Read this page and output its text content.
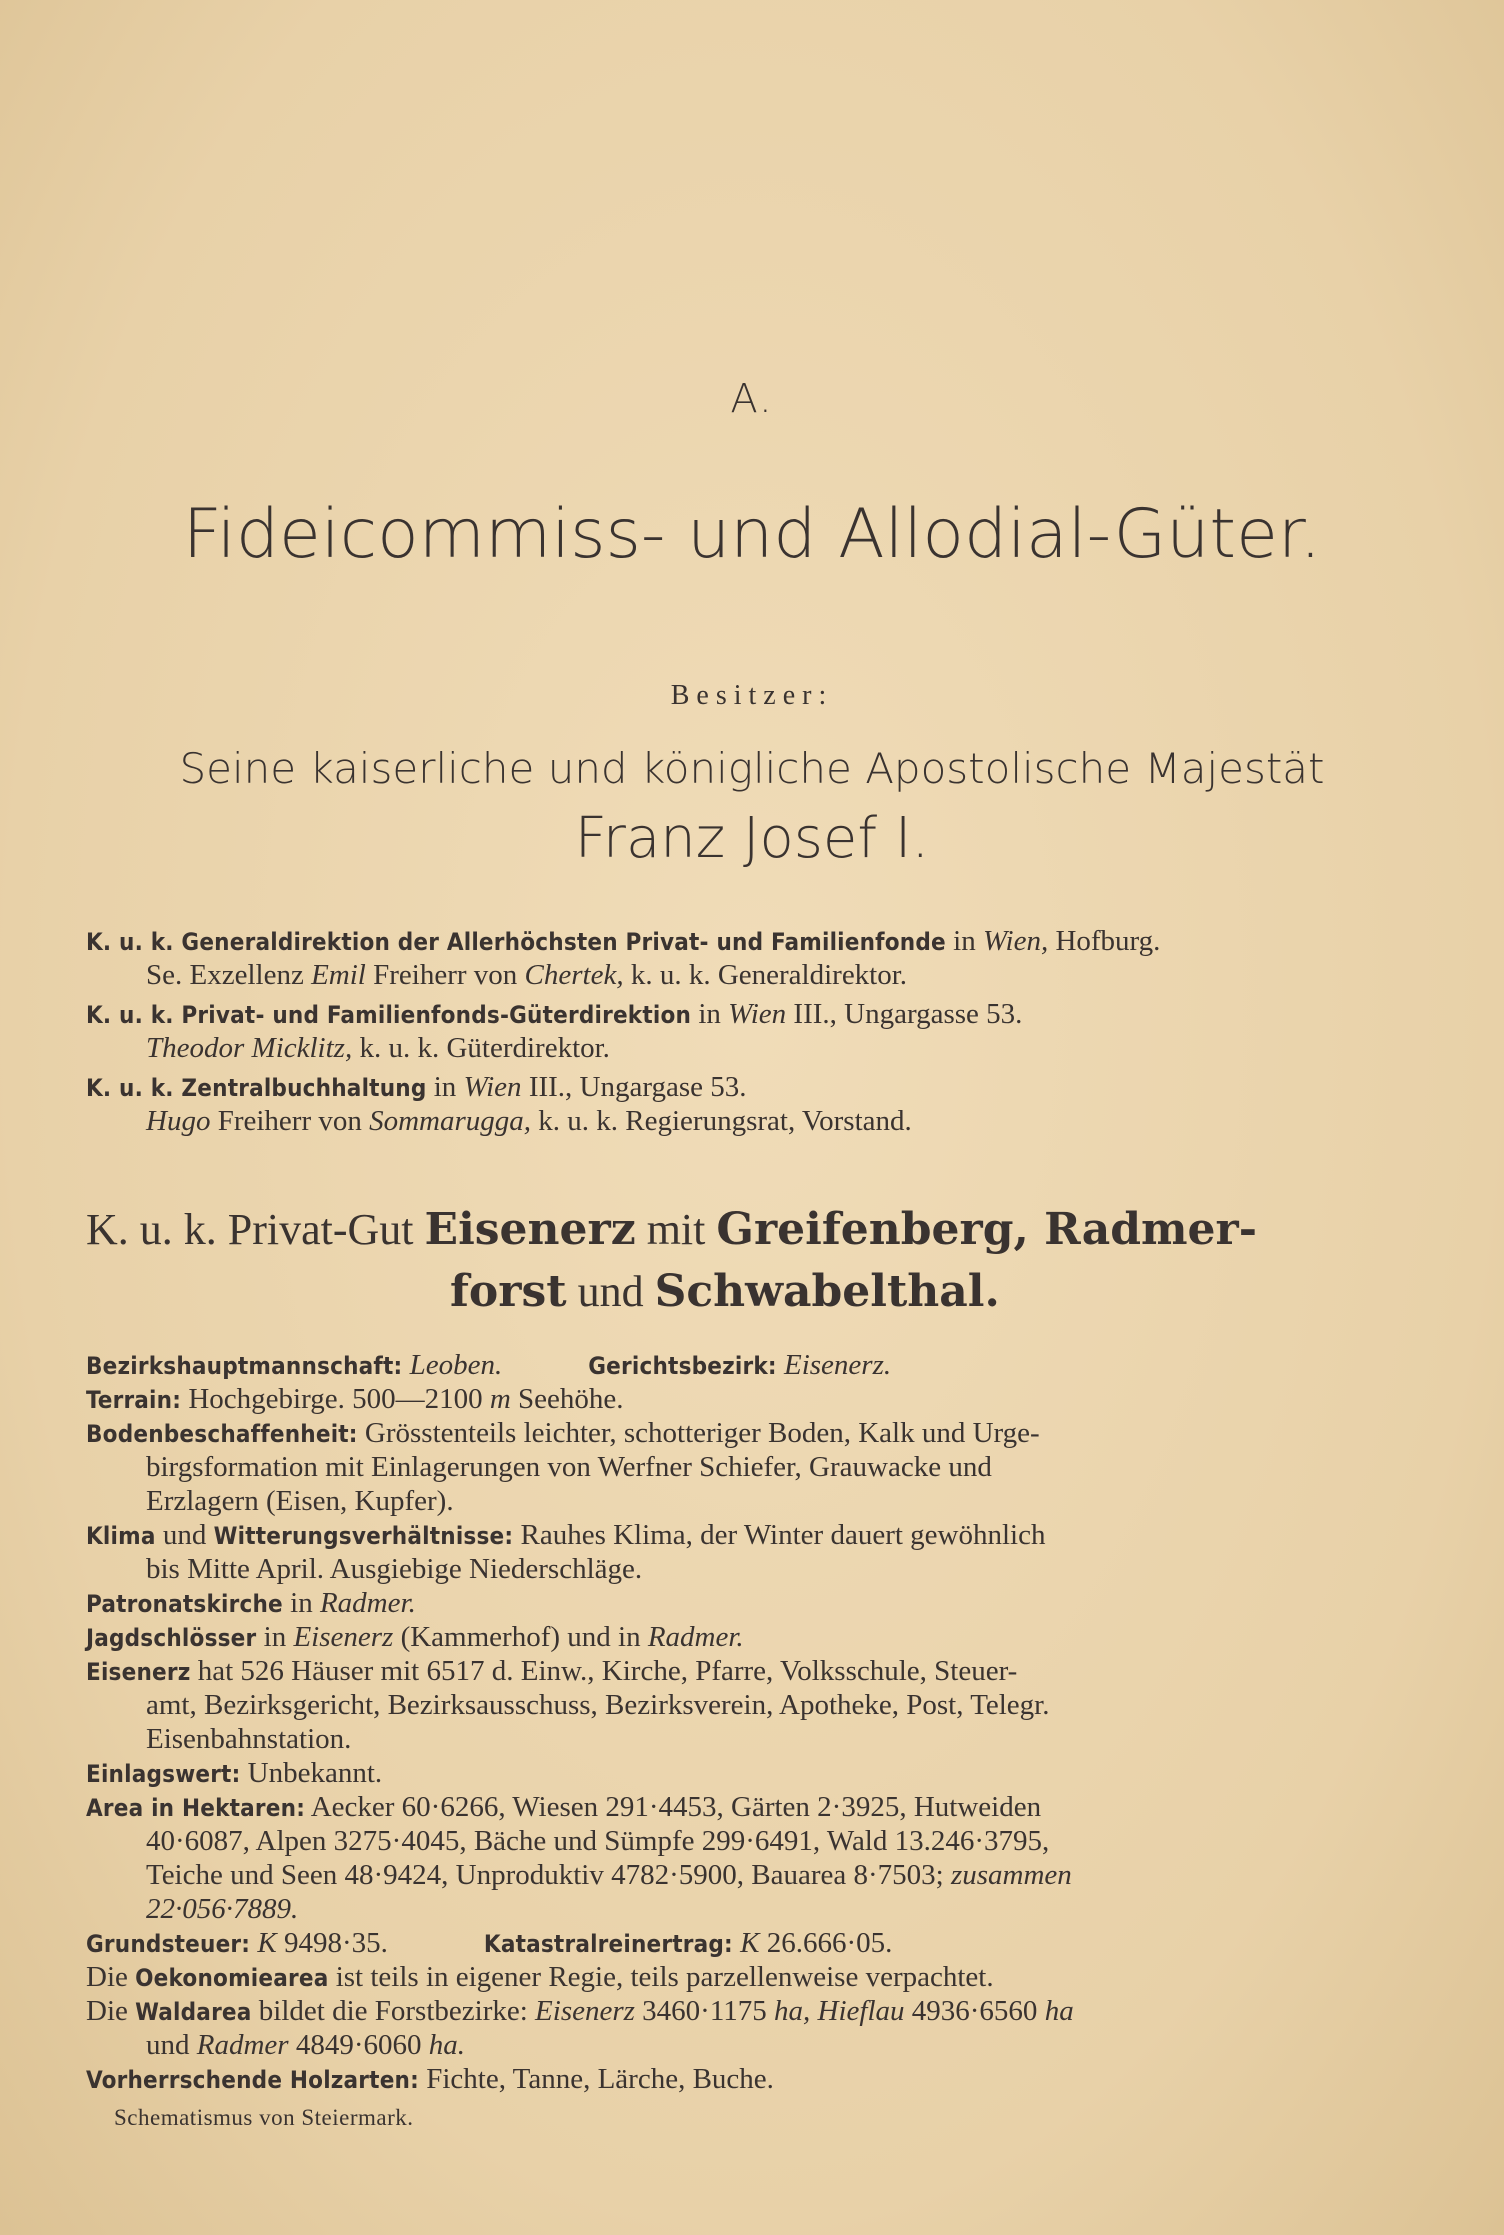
A.
Fideicommiss- und Allodial-Güter.
Besitzer:
Seine kaiserliche und königliche Apostolische Majestät
Franz Josef I.
K. u. k. Generaldirektion der Allerhöchsten Privat- und Familienfonde in Wien, Hofburg.
Se. Exzellenz Emil Freiherr von Chertek, k. u. k. Generaldirektor.
K. u. k. Privat- und Familienfonds-Güterdirektion in Wien III., Ungargasse 53.
Theodor Micklitz, k. u. k. Güterdirektor.
K. u. k. Zentralbuchhaltung in Wien III., Ungargase 53.
Hugo Freiherr von Sommarugga, k. u. k. Regierungsrat, Vorstand.
K. u. k. Privat-Gut Eisenerz mit Greifenberg, Radmer-
forst und Schwabelthal.
Bezirkshauptmannschaft: Leoben.	Gerichtsbezirk: Eisenerz.
Terrain: Hochgebirge. 500—2100 m Seehöhe.
Bodenbeschaffenheit: Grösstenteils leichter, schotteriger Boden, Kalk und Urge-
birgsformation mit Einlagerungen von Werfner Schiefer, Grauwacke und
Erzlagern (Eisen, Kupfer).
Klima und Witterungsverhältnisse: Rauhes Klima, der Winter dauert gewöhnlich
bis Mitte April. Ausgiebige Niederschläge.
Patronatskirche in Radmer.
Jagdschlösser in Eisenerz (Kammerhof) und in Radmer.
Eisenerz hat 526 Häuser mit 6517 d. Einw., Kirche, Pfarre, Volksschule, Steuer-
amt, Bezirksgericht, Bezirksausschuss, Bezirksverein, Apotheke, Post, Telegr.
Eisenbahnstation.
Einlagswert: Unbekannt.
Area in Hektaren: Aecker 60·6266, Wiesen 291·4453, Gärten 2·3925, Hutweiden
40·6087, Alpen 3275·4045, Bäche und Sümpfe 299·6491, Wald 13.246·3795,
Teiche und Seen 48·9424, Unproduktiv 4782·5900, Bauarea 8·7503; zusammen
22·056·7889.
Grundsteuer: K 9498·35.	Katastralreinertrag: K 26.666·05.
Die Oekonomiearea ist teils in eigener Regie, teils parzellenweise verpachtet.
Die Waldarea bildet die Forstbezirke: Eisenerz 3460·1175 ha, Hieflau 4936·6560 ha
und Radmer 4849·6060 ha.
Vorherrschende Holzarten: Fichte, Tanne, Lärche, Buche.
Schematismus von Steiermark.
